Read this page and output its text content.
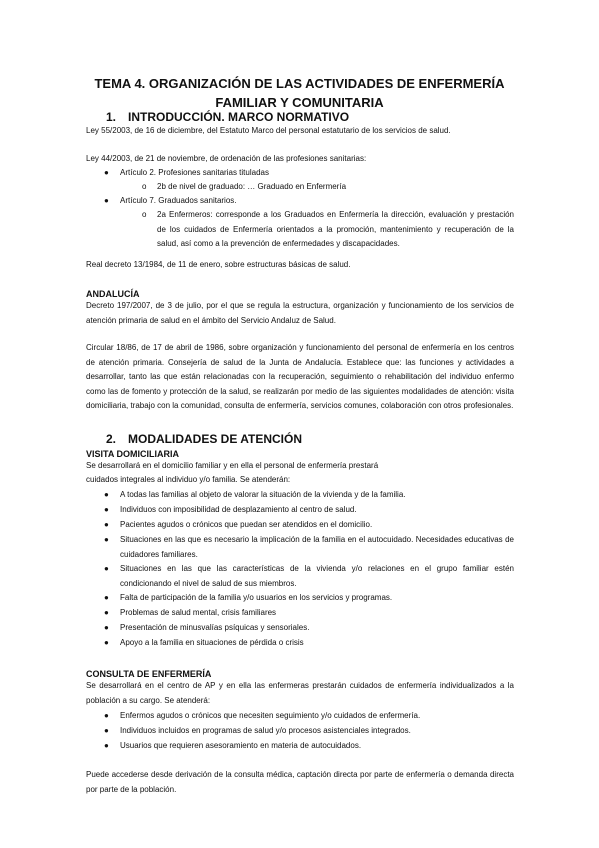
TEMA 4. ORGANIZACIÓN DE LAS ACTIVIDADES DE ENFERMERÍA
FAMILIAR Y COMUNITARIA
1. INTRODUCCIÓN. MARCO NORMATIVO
Ley 55/2003, de 16 de diciembre, del Estatuto Marco del personal estatutario de los servicios de salud.
Ley 44/2003, de 21 de noviembre, de ordenación de las profesiones sanitarias:
● Artículo 2. Profesiones sanitarias tituladas
o 2b de nivel de graduado: … Graduado en Enfermería
● Artículo 7. Graduados sanitarios.
o 2a Enfermeros: corresponde a los Graduados en Enfermería la dirección, evaluación y prestación de los cuidados de Enfermería orientados a la promoción, mantenimiento y recuperación de la salud, así como a la prevención de enfermedades y discapacidades.
Real decreto 13/1984, de 11 de enero, sobre estructuras básicas de salud.
ANDALUCÍA
Decreto 197/2007, de 3 de julio, por el que se regula la estructura, organización y funcionamiento de los servicios de atención primaria de salud en el ámbito del Servicio Andaluz de Salud.
Circular 18/86, de 17 de abril de 1986, sobre organización y funcionamiento del personal de enfermería en los centros de atención primaria. Consejería de salud de la Junta de Andalucía. Establece que: las funciones y actividades a desarrollar, tanto las que están relacionadas con la recuperación, seguimiento o rehabilitación del individuo enfermo como las de fomento y protección de la salud, se realizarán por medio de las siguientes modalidades de atención: visita domiciliaria, trabajo con la comunidad, consulta de enfermería, servicios comunes, colaboración con otros profesionales.
2. MODALIDADES DE ATENCIÓN
VISITA DOMICILIARIA
Se desarrollará en el domicilio familiar y en ella el personal de enfermería prestará
cuidados integrales al individuo y/o familia. Se atenderán:
● A todas las familias al objeto de valorar la situación de la vivienda y de la familia.
● Individuos con imposibilidad de desplazamiento al centro de salud.
● Pacientes agudos o crónicos que puedan ser atendidos en el domicilio.
● Situaciones en las que es necesario la implicación de la familia en el autocuidado. Necesidades educativas de cuidadores familiares.
● Situaciones en las que las características de la vivienda y/o relaciones en el grupo familiar estén condicionando el nivel de salud de sus miembros.
● Falta de participación de la familia y/o usuarios en los servicios y programas.
● Problemas de salud mental, crisis familiares
● Presentación de minusvalías psíquicas y sensoriales.
● Apoyo a la familia en situaciones de pérdida o crisis
CONSULTA DE ENFERMERÍA
Se desarrollará en el centro de AP y en ella las enfermeras prestarán cuidados de enfermería individualizados a la población a su cargo. Se atenderá:
● Enfermos agudos o crónicos que necesiten seguimiento y/o cuidados de enfermería.
● Individuos incluidos en programas de salud y/o procesos asistenciales integrados.
● Usuarios que requieren asesoramiento en materia de autocuidados.
Puede accederse desde derivación de la consulta médica, captación directa por parte de enfermería o demanda directa por parte de la población.
